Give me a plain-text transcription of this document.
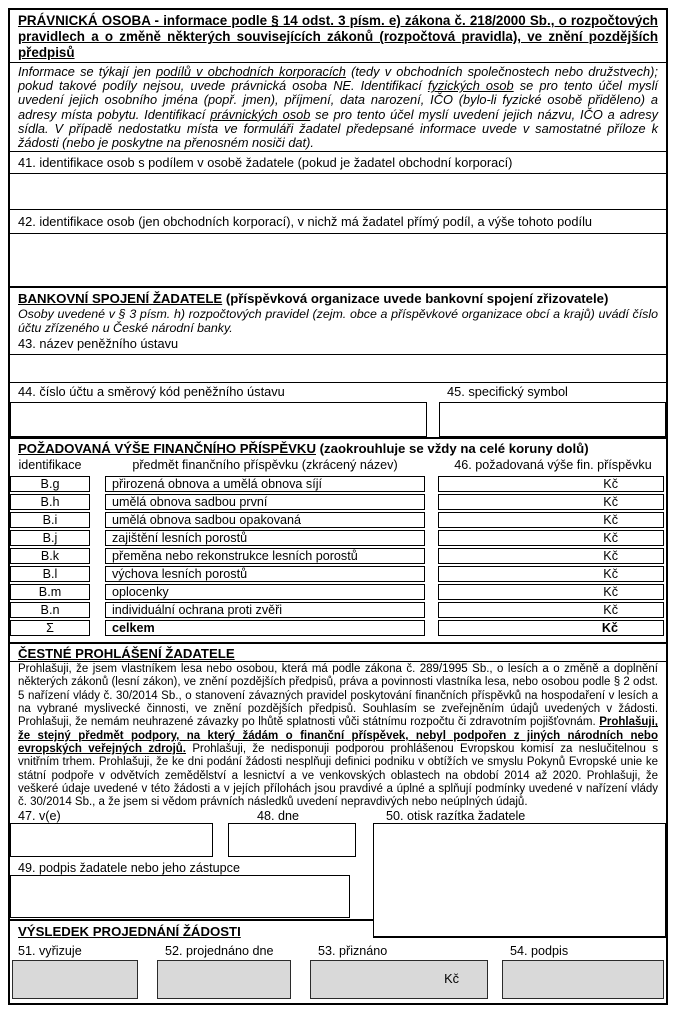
PRÁVNICKÁ OSOBA - informace podle § 14 odst. 3 písm. e) zákona č. 218/2000 Sb., o rozpočtových pravidlech a o změně některých souvisejících zákonů (rozpočtová pravidla), ve znění pozdějších předpisů
Informace se týkají jen podílů v obchodních korporacích (tedy v obchodních společnostech nebo družstvech); pokud takové podíly nejsou, uvede právnická osoba NE. Identifikací fyzických osob se pro tento účel myslí uvedení jejich osobního jména (popř. jmen), příjmení, data narození, IČO (bylo-li fyzické osobě přiděleno) a adresy místa pobytu. Identifikací právnických osob se pro tento účel myslí uvedení jejich názvu, IČO a adresy sídla. V případě nedostatku místa ve formuláři žadatel předepsané informace uvede v samostatné příloze k žádosti (nebo je poskytne na přenosném nosiči dat).
41. identifikace osob s podílem v osobě žadatele (pokud je žadatel obchodní korporací)
42. identifikace osob (jen obchodních korporací), v nichž má žadatel přímý podíl, a výše tohoto podílu
BANKOVNÍ SPOJENÍ ŽADATELE (příspěvková organizace uvede bankovní spojení zřizovatele)
Osoby uvedené v § 3 písm. h) rozpočtových pravidel (zejm. obce a příspěvkové organizace obcí a krajů) uvádí číslo účtu zřízeného u České národní banky.
43. název peněžního ústavu
44. číslo účtu a směrový kód peněžního ústavu	45. specifický symbol
POŽADOVANÁ VÝŠE FINANČNÍHO PŘÍSPĚVKU (zaokrouhluje se vždy na celé koruny dolů)
identifikace	předmět finančního příspěvku (zkrácený název)	46. požadovaná výše fin. příspěvku
B.g	přirozená obnova a umělá obnova síjí	Kč
B.h	umělá obnova sadbou první	Kč
B.i	umělá obnova sadbou opakovaná	Kč
B.j	zajištění lesních porostů	Kč
B.k	přeměna nebo rekonstrukce lesních porostů	Kč
B.l	výchova lesních porostů	Kč
B.m	oplocenky	Kč
B.n	individuální ochrana proti zvěři	Kč
Σ	celkem	Kč
ČESTNÉ PROHLÁŠENÍ ŽADATELE
Prohlašuji, že jsem vlastníkem lesa nebo osobou, která má podle zákona č. 289/1995 Sb., o lesích a o změně a doplnění některých zákonů (lesní zákon), ve znění pozdějších předpisů, práva a povinnosti vlastníka lesa, nebo osobou podle § 2 odst. 5 nařízení vlády č. 30/2014 Sb., o stanovení závazných pravidel poskytování finančních příspěvků na hospodaření v lesích a na vybrané myslivecké činnosti, ve znění pozdějších předpisů. Souhlasím se zveřejněním údajů uvedených v žádosti. Prohlašuji, že nemám neuhrazené závazky po lhůtě splatnosti vůči státnímu rozpočtu či zdravotním pojišťovnám. Prohlašuji, že stejný předmět podpory, na který žádám o finanční příspěvek, nebyl podpořen z jiných národních nebo evropských veřejných zdrojů. Prohlašuji, že nedisponuji podporou prohlášenou Evropskou komisí za neslučitelnou s vnitřním trhem. Prohlašuji, že ke dni podání žádosti nesplňuji definici podniku v obtížích ve smyslu Pokynů Evropské unie ke státní podpoře v odvětvích zemědělství a lesnictví a ve venkovských oblastech na období 2014 až 2020. Prohlašuji, že veškeré údaje uvedené v této žádosti a v jejích přílohách jsou pravdivé a úplné a splňují podmínky uvedené v nařízení vlády č. 30/2014 Sb., a že jsem si vědom právních následků uvedení nepravdivých nebo neúplných údajů.
47. v(e)	48. dne	50. otisk razítka žadatele
49. podpis žadatele nebo jeho zástupce
VÝSLEDEK PROJEDNÁNÍ ŽÁDOSTI
51. vyřizuje	52. projednáno dne	53. přiznáno	54. podpis
Kč
